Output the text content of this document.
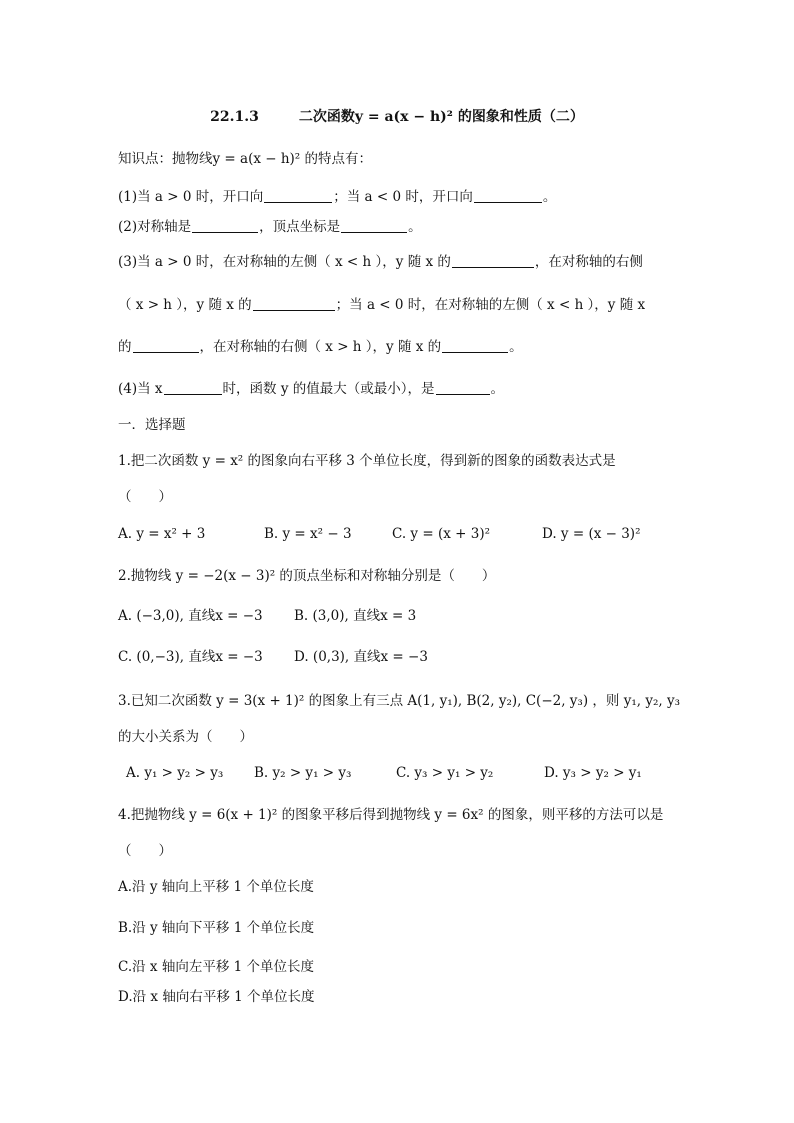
22.1.3	二次函数y = a(x − h)² 的图象和性质（二）
知识点：抛物线y = a(x − h)² 的特点有：
(1)当 a > 0 时，开口向	；当 a < 0 时，开口向	。
(2)对称轴是	，顶点坐标是	。
(3)当 a > 0 时，在对称轴的左侧（ x < h ），y 随 x 的	，在对称轴的右侧
（ x > h ），y 随 x 的	；当 a < 0 时，在对称轴的左侧（ x < h ），y 随 x
的	，在对称轴的右侧（ x > h ），y 随 x 的	。
(4)当 x	时，函数 y 的值最大（或最小），是	。
一．选择题
1.把二次函数 y = x² 的图象向右平移 3 个单位长度，得到新的图象的函数表达式是
（　　）
A. y = x² + 3	B. y = x² − 3	C. y = (x + 3)²	D. y = (x − 3)²
2.抛物线 y = −2(x − 3)² 的顶点坐标和对称轴分别是（　　）
A. (−3,0), 直线x = −3 B. (3,0), 直线x = 3
C. (0,−3), 直线x = −3 D. (0,3), 直线x = −3
3.已知二次函数 y = 3(x + 1)² 的图象上有三点 A(1, y₁), B(2, y₂), C(−2, y₃) ，则 y₁, y₂, y₃
的大小关系为（　　）
A. y₁ > y₂ > y₃ B. y₂ > y₁ > y₃	C. y₃ > y₁ > y₂	D. y₃ > y₂ > y₁
4.把抛物线 y = 6(x + 1)² 的图象平移后得到抛物线 y = 6x² 的图象，则平移的方法可以是
（　　）
A.沿 y 轴向上平移 1 个单位长度
B.沿 y 轴向下平移 1 个单位长度
C.沿 x 轴向左平移 1 个单位长度
D.沿 x 轴向右平移 1 个单位长度
